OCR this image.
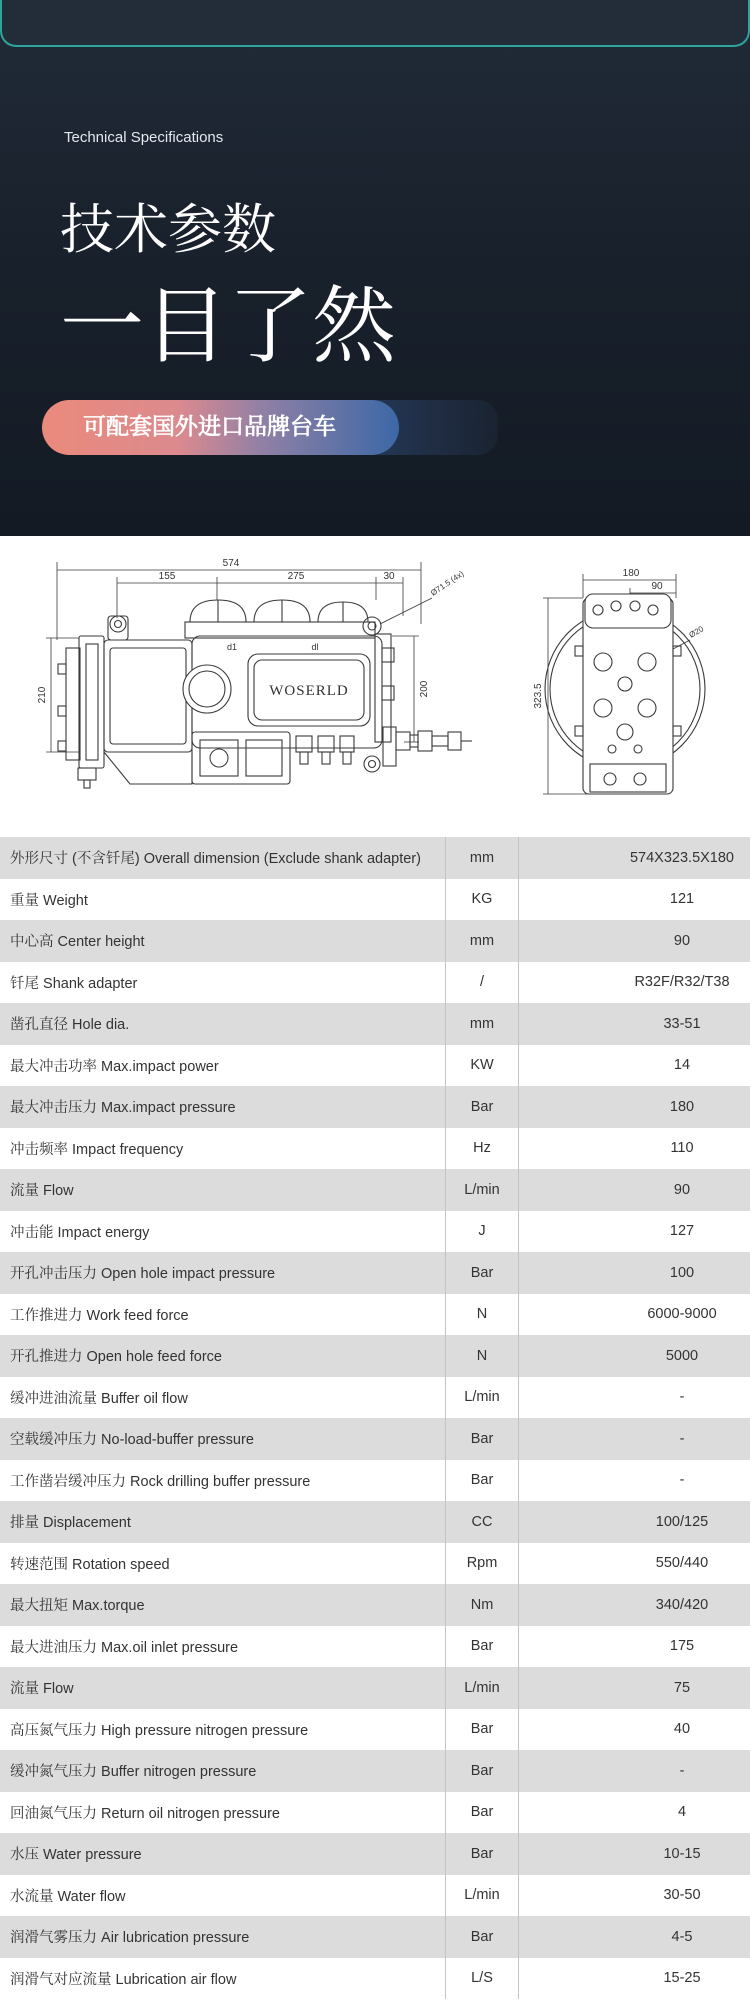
Technical Specifications
技术参数
一目了然
可配套国外进口品牌台车
574
155	275	30
210	200
Ø71.5 (4x)
WOSERLD
d1	dl
180
90
323.5
Ø20
外形尺寸 (不含钎尾) Overall dimension (Exclude shank adapter)	mm	574X323.5X180
重量 Weight	KG	121
中心高 Center height	mm	90
钎尾 Shank adapter	/	R32F/R32/T38
凿孔直径 Hole dia.	mm	33-51
最大冲击功率 Max.impact power	KW	14
最大冲击压力 Max.impact pressure	Bar	180
冲击频率 Impact frequency	Hz	110
流量 Flow	L/min	90
冲击能 Impact energy	J	127
开孔冲击压力 Open hole impact pressure	Bar	100
工作推进力 Work feed force	N	6000-9000
开孔推进力 Open hole feed force	N	5000
缓冲进油流量 Buffer oil flow	L/min	-
空载缓冲压力 No-load-buffer pressure	Bar	-
工作凿岩缓冲压力 Rock drilling buffer pressure	Bar	-
排量 Displacement	CC	100/125
转速范围 Rotation speed	Rpm	550/440
最大扭矩 Max.torque	Nm	340/420
最大进油压力 Max.oil inlet pressure	Bar	175
流量 Flow	L/min	75
高压氮气压力 High pressure nitrogen pressure	Bar	40
缓冲氮气压力 Buffer nitrogen pressure	Bar	-
回油氮气压力 Return oil nitrogen pressure	Bar	4
水压 Water pressure	Bar	10-15
水流量 Water flow	L/min	30-50
润滑气雾压力 Air lubrication pressure	Bar	4-5
润滑气对应流量 Lubrication air flow	L/S	15-25
